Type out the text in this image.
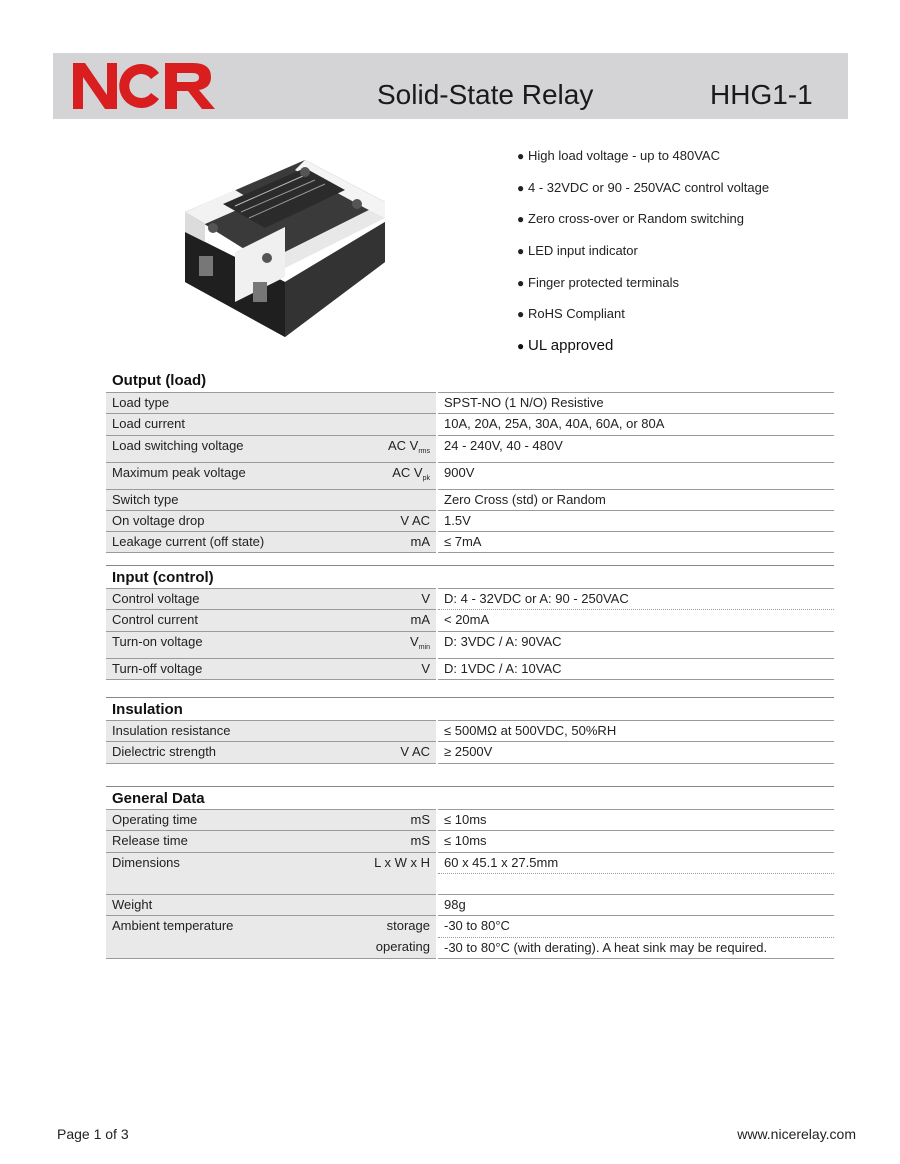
Solid-State Relay	HHG1-1
● High load voltage - up to 480VAC
● 4 - 32VDC or 90 - 250VAC control voltage
● Zero cross-over or Random switching
● LED input indicator
● Finger protected terminals
● RoHS Compliant
● UL approved
Output (load)
Load type		SPST-NO (1 N/O) Resistive
Load current		10A, 20A, 25A, 30A, 40A, 60A, or 80A
Load switching voltage	AC $V_{rms}$	24 - 240V, 40 - 480V
Maximum peak voltage	AC $V_{pk}$	900V
Switch type		Zero Cross (std) or Random
On voltage drop	V AC	1.5V
Leakage current (off state)	mA	≤ 7mA
Input (control)
Control voltage	V	D: 4 - 32VDC or A: 90 - 250VAC
Control current	mA	< 20mA
Turn-on voltage	$V_{min}$	D: 3VDC / A: 90VAC
Turn-off voltage	V	D: 1VDC / A: 10VAC
Insulation
Insulation resistance		≤ 500MΩ at 500VDC, 50%RH
Dielectric strength	V AC	≥ 2500V
General Data
Operating time	mS	≤ 10ms
Release time	mS	≤ 10ms
Dimensions	L x W x H	60 x 45.1 x 27.5mm

Weight		98g
Ambient temperature	storage	-30 to 80°C
	operating	-30 to 80°C (with derating). A heat sink may be required.
Page 1 of 3	www.nicerelay.com
